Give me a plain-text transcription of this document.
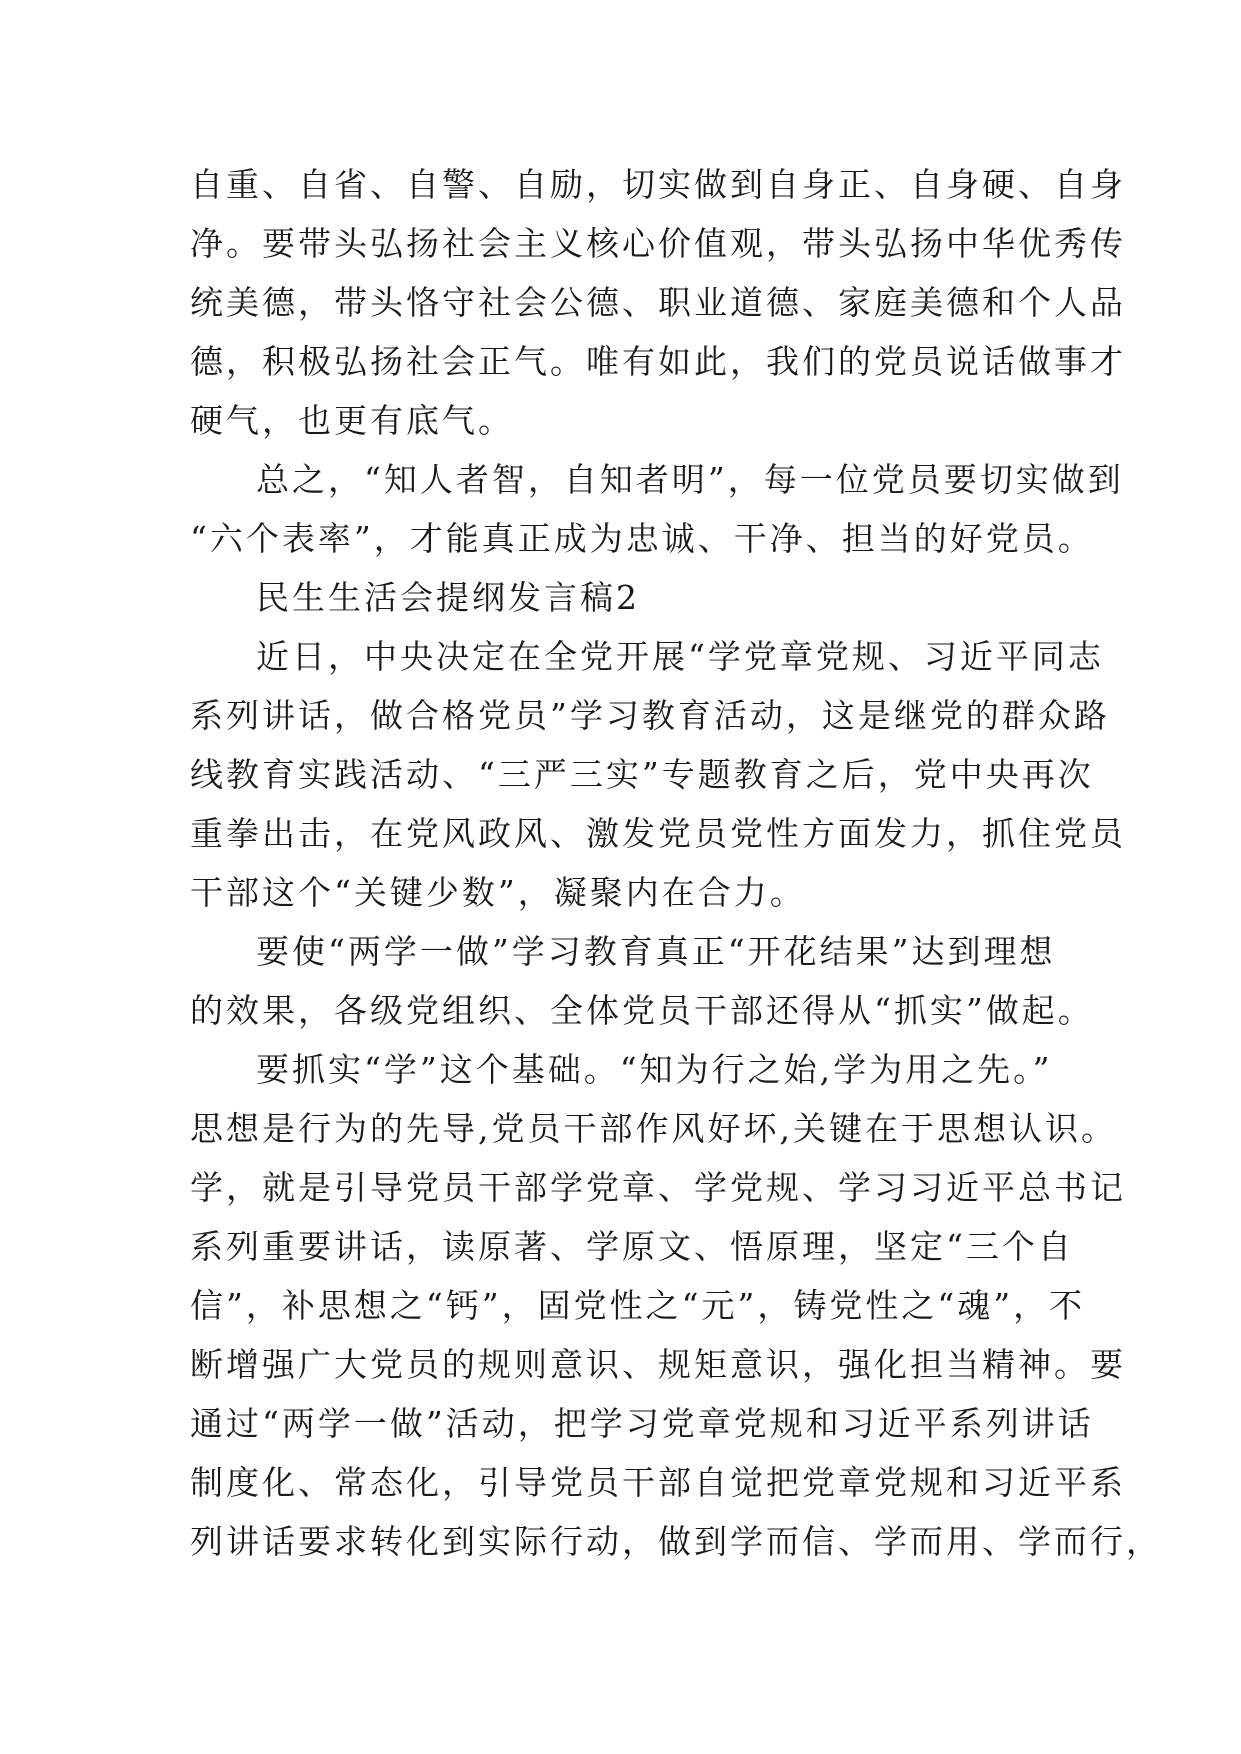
自重、自省、自警、自励，切实做到自身正、自身硬、自身
净。要带头弘扬社会主义核心价值观，带头弘扬中华优秀传
统美德，带头恪守社会公德、职业道德、家庭美德和个人品
德，积极弘扬社会正气。唯有如此，我们的党员说话做事才
硬气，也更有底气。
总之，“知人者智，自知者明”，每一位党员要切实做到
“六个表率”，才能真正成为忠诚、干净、担当的好党员。
民生生活会提纲发言稿2
近日，中央决定在全党开展“学党章党规、习近平同志
系列讲话，做合格党员”学习教育活动，这是继党的群众路
线教育实践活动、“三严三实”专题教育之后，党中央再次
重拳出击，在党风政风、激发党员党性方面发力，抓住党员
干部这个“关键少数”，凝聚内在合力。
要使“两学一做”学习教育真正“开花结果”达到理想
的效果，各级党组织、全体党员干部还得从“抓实”做起。
要抓实“学”这个基础。“知为行之始,学为用之先。”
思想是行为的先导,党员干部作风好坏,关键在于思想认识。
学，就是引导党员干部学党章、学党规、学习习近平总书记
系列重要讲话，读原著、学原文、悟原理，坚定“三个自
信”，补思想之“钙”，固党性之“元”，铸党性之“魂”，不
断增强广大党员的规则意识、规矩意识，强化担当精神。要
通过“两学一做”活动，把学习党章党规和习近平系列讲话
制度化、常态化，引导党员干部自觉把党章党规和习近平系
列讲话要求转化到实际行动，做到学而信、学而用、学而行，
